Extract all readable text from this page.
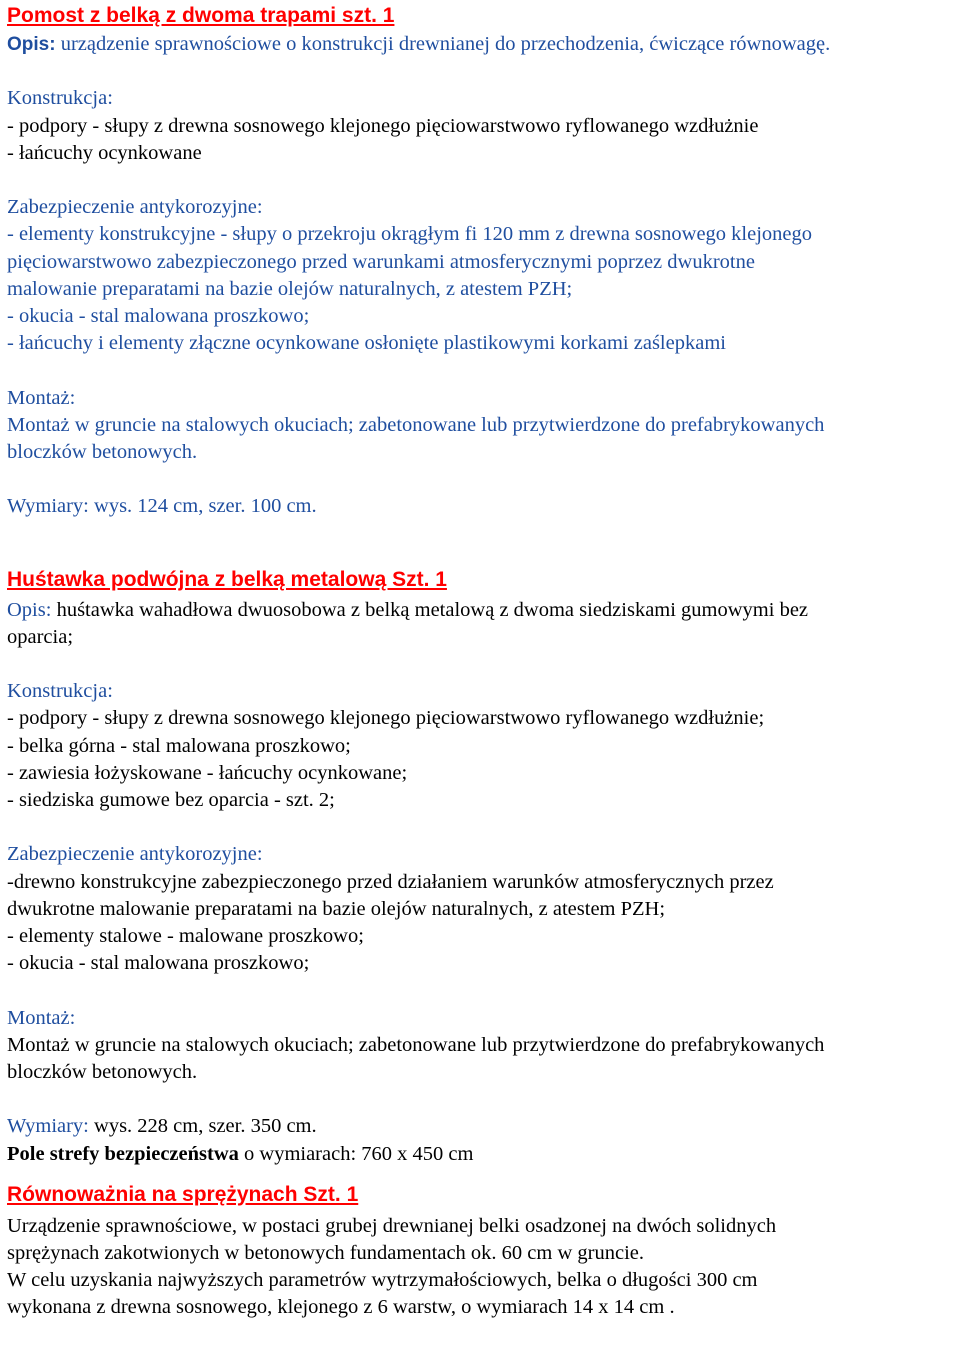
Pomost z belką z dwoma trapami szt. 1

Opis: urządzenie sprawnościowe o konstrukcji drewnianej do przechodzenia, ćwiczące równowagę.

Konstrukcja:

- podpory - słupy z drewna sosnowego klejonego pięciowarstwowo ryflowanego wzdłużnie

- łańcuchy ocynkowane

Zabezpieczenie antykorozyjne:

- elementy konstrukcyjne - słupy o przekroju okrągłym fi 120 mm z drewna sosnowego klejonego

pięciowarstwowo zabezpieczonego przed warunkami atmosferycznymi poprzez dwukrotne

malowanie preparatami na bazie olejów naturalnych, z atestem PZH;

- okucia - stal malowana proszkowo;

- łańcuchy i elementy złączne ocynkowane osłonięte plastikowymi korkami zaślepkami

Montaż:

Montaż w gruncie na stalowych okuciach; zabetonowane lub przytwierdzone do prefabrykowanych

bloczków betonowych.

Wymiary: wys. 124 cm, szer. 100 cm.

Huśtawka podwójna z belką metalową Szt. 1

Opis: huśtawka wahadłowa dwuosobowa z belką metalową z dwoma siedziskami gumowymi bez

oparcia;

Konstrukcja:

- podpory - słupy z drewna sosnowego klejonego pięciowarstwowo ryflowanego wzdłużnie;

- belka górna - stal malowana proszkowo;

- zawiesia łożyskowane - łańcuchy ocynkowane;

- siedziska gumowe bez oparcia - szt. 2;

Zabezpieczenie antykorozyjne:

-drewno konstrukcyjne zabezpieczonego przed działaniem warunków atmosferycznych przez

dwukrotne malowanie preparatami na bazie olejów naturalnych, z atestem PZH;

- elementy stalowe - malowane proszkowo;

- okucia - stal malowana proszkowo;

Montaż:

Montaż w gruncie na stalowych okuciach; zabetonowane lub przytwierdzone do prefabrykowanych

bloczków betonowych.

Wymiary: wys. 228 cm, szer. 350 cm.

Pole strefy bezpieczeństwa o wymiarach: 760 x 450 cm

Równoważnia na sprężynach Szt. 1

Urządzenie sprawnościowe, w postaci grubej drewnianej belki osadzonej na dwóch solidnych

sprężynach zakotwionych w betonowych fundamentach ok. 60 cm w gruncie.

W celu uzyskania najwyższych parametrów wytrzymałościowych, belka o długości 300 cm

wykonana z drewna sosnowego, klejonego z 6 warstw, o wymiarach 14 x 14 cm .
